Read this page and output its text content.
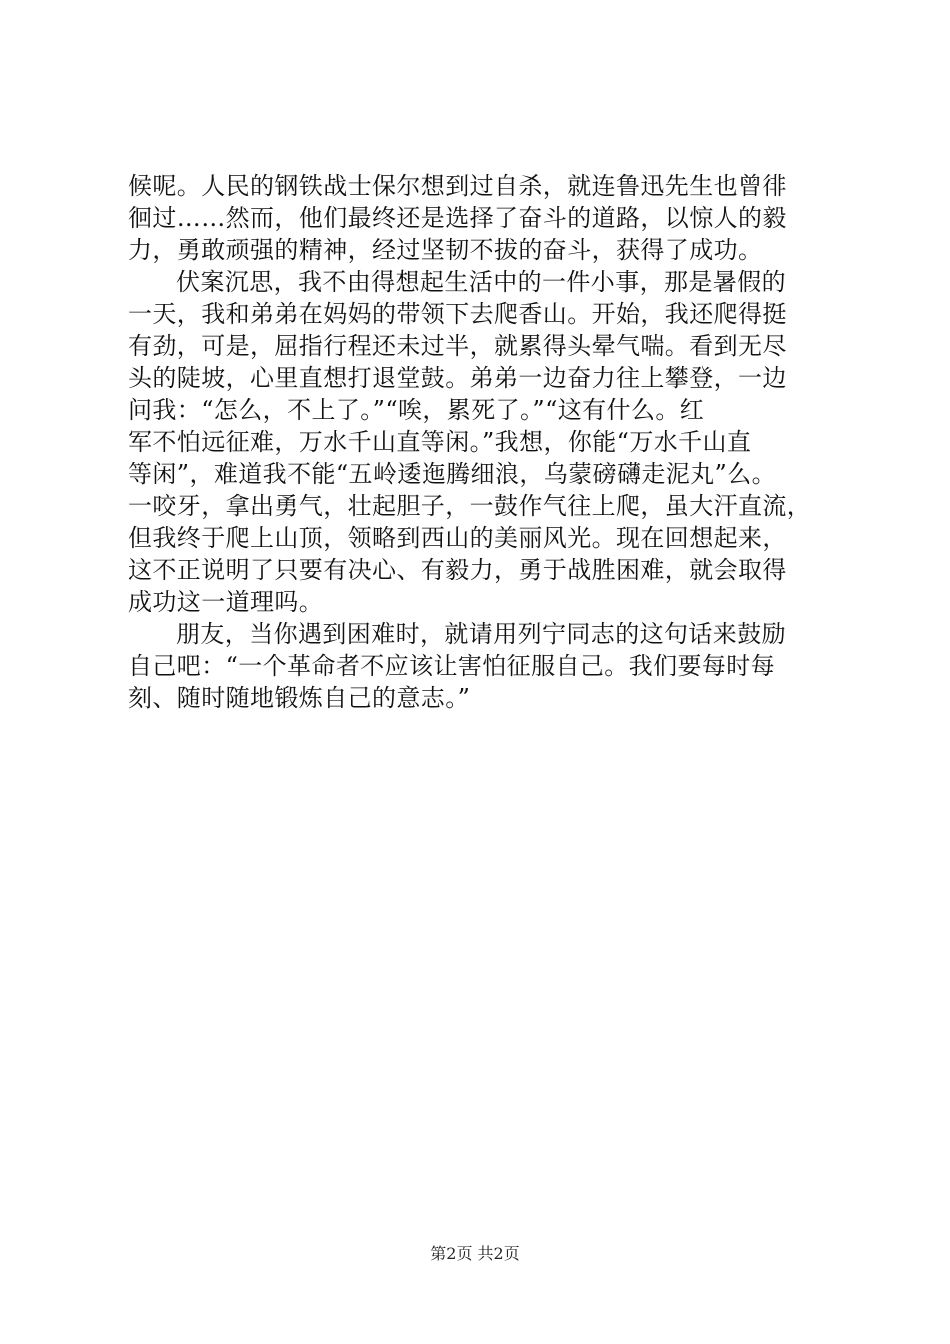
候呢。人民的钢铁战士保尔想到过自杀，就连鲁迅先生也曾徘
徊过……然而，他们最终还是选择了奋斗的道路，以惊人的毅
力，勇敢顽强的精神，经过坚韧不拔的奋斗，获得了成功。
伏案沉思，我不由得想起生活中的一件小事，那是暑假的
一天，我和弟弟在妈妈的带领下去爬香山。开始，我还爬得挺
有劲，可是，屈指行程还未过半，就累得头晕气喘。看到无尽
头的陡坡，心里直想打退堂鼓。弟弟一边奋力往上攀登，一边
问我：“怎么，不上了。”“唉，累死了。”“这有什么。红
军不怕远征难，万水千山直等闲。”我想，你能“万水千山直
等闲”，难道我不能“五岭逶迤腾细浪，乌蒙磅礴走泥丸”么。
一咬牙，拿出勇气，壮起胆子，一鼓作气往上爬，虽大汗直流，
但我终于爬上山顶，领略到西山的美丽风光。现在回想起来，
这不正说明了只要有决心、有毅力，勇于战胜困难，就会取得
成功这一道理吗。
朋友，当你遇到困难时，就请用列宁同志的这句话来鼓励
自己吧：“一个革命者不应该让害怕征服自己。我们要每时每
刻、随时随地锻炼自己的意志。”
第2页 共2页
